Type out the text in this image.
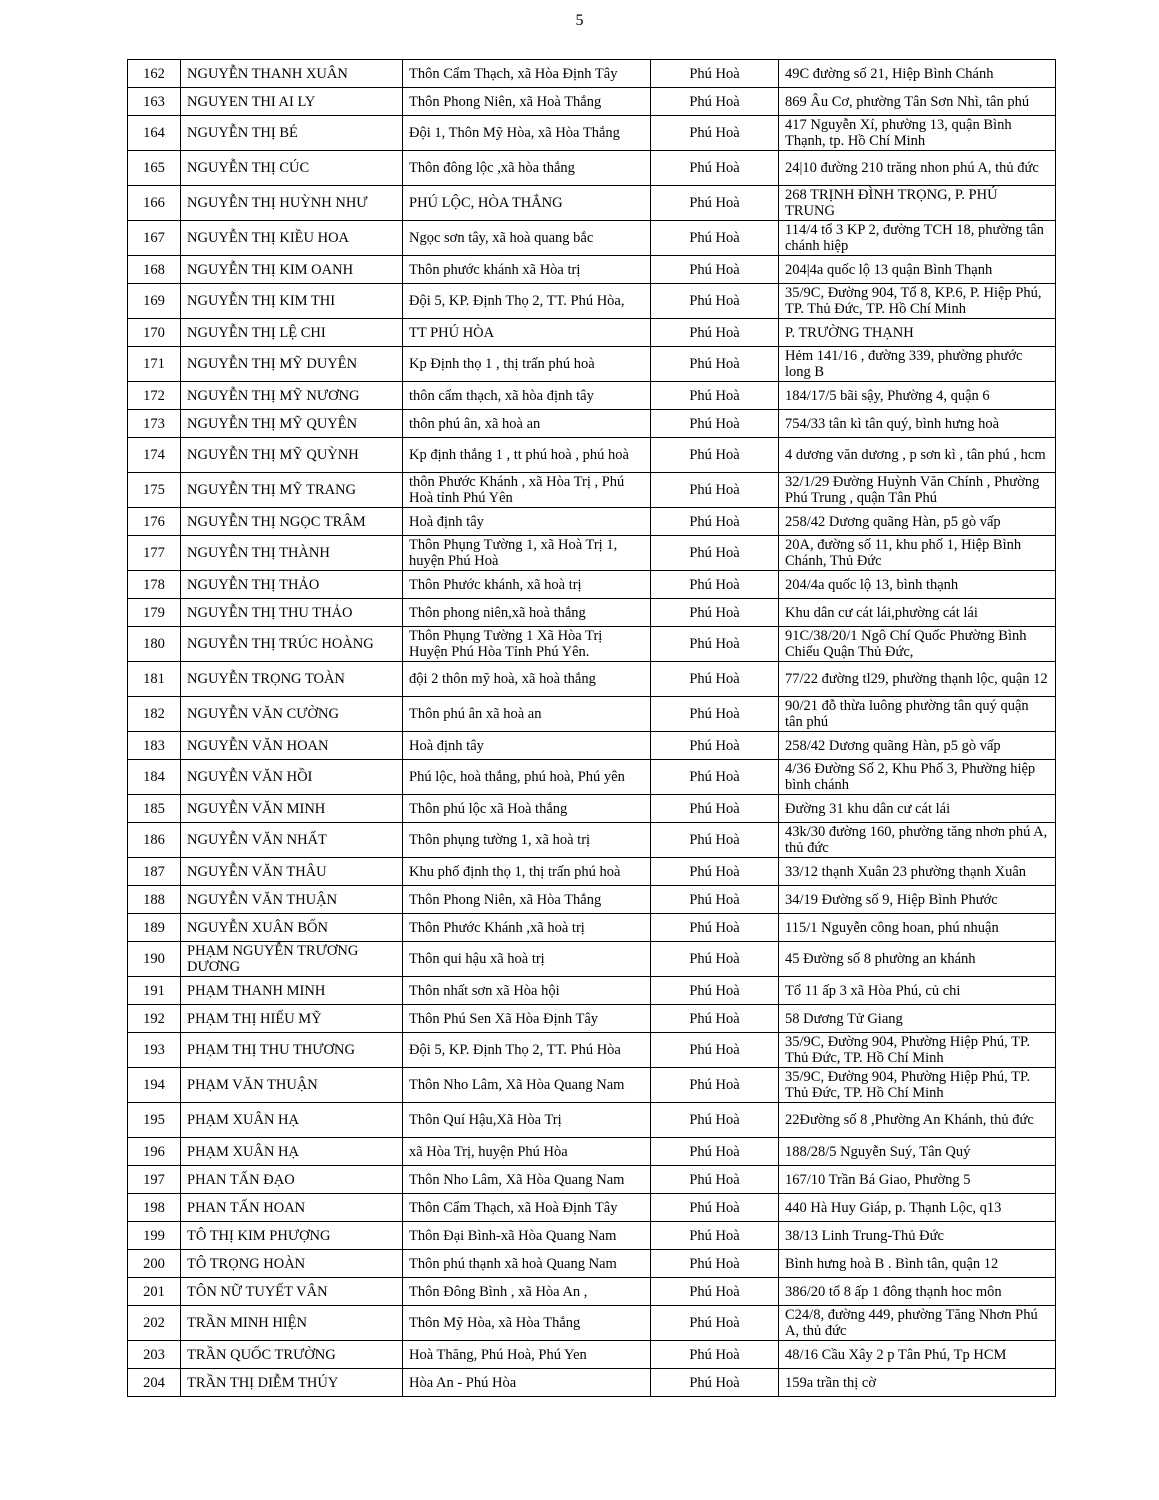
5
162	NGUYỄN THANH XUÂN	Thôn Cẩm Thạch, xã Hòa Định Tây	Phú Hoà	49C đường số 21, Hiệp Bình Chánh
163	NGUYEN THI AI LY	Thôn Phong Niên, xã Hoà Thắng	Phú Hoà	869 Âu Cơ, phường Tân Sơn Nhì, tân phú
164	NGUYỄN THỊ BÉ	Đội 1, Thôn Mỹ Hòa, xã Hòa Thắng	Phú Hoà	417 Nguyễn Xí, phường 13, quận Bình Thạnh, tp. Hồ Chí Minh
165	NGUYỄN THỊ CÚC	Thôn đông lộc ,xã hòa thắng	Phú Hoà	24|10 đường 210 trăng nhon phú A, thủ đức
166	NGUYỄN THỊ HUỲNH NHƯ	PHÚ LỘC, HÒA THẮNG	Phú Hoà	268 TRỊNH ĐÌNH TRỌNG, P. PHÚ TRUNG
167	NGUYỄN THỊ KIỀU HOA	Ngọc sơn tây, xã hoà quang bắc	Phú Hoà	114/4 tổ 3 KP 2, đường TCH 18, phường tân chánh hiệp
168	NGUYỄN THỊ KIM OANH	Thôn phước khánh xã Hòa trị	Phú Hoà	204|4a quốc lộ 13 quận Bình Thạnh
169	NGUYỄN THỊ KIM THI	Đội 5, KP. Định Thọ 2, TT. Phú Hòa,	Phú Hoà	35/9C, Đường 904, Tổ 8, KP.6, P. Hiệp Phú, TP. Thủ Đức, TP. Hồ Chí Minh
170	NGUYỄN THỊ LỆ CHI	TT PHÚ HÒA	Phú Hoà	P. TRƯỜNG THẠNH
171	NGUYỄN THỊ MỸ DUYÊN	Kp Định thọ 1 , thị trấn phú hoà	Phú Hoà	Hẻm 141/16 , đường 339, phường phước long B
172	NGUYỄN THỊ MỸ NƯƠNG	thôn cẩm thạch, xã hòa định tây	Phú Hoà	184/17/5 bãi sậy, Phường 4, quận 6
173	NGUYỄN THỊ MỸ QUYÊN	thôn phú ân, xã hoà an	Phú Hoà	754/33 tân kì tân quý, bình hưng hoà
174	NGUYỄN THỊ MỸ QUỲNH	Kp định thắng 1 , tt phú hoà , phú hoà	Phú Hoà	4 dương văn dương , p sơn kì , tân phú , hcm
175	NGUYỄN THỊ MỸ TRANG	thôn Phước Khánh , xã Hòa Trị , Phú Hoà tỉnh Phú Yên	Phú Hoà	32/1/29 Đường Huỳnh Văn Chính , Phường Phú Trung , quận Tân Phú
176	NGUYỄN THỊ NGỌC TRÂM	Hoà định tây	Phú Hoà	258/42 Dương quãng Hàn, p5 gò vấp
177	NGUYỄN THỊ THÀNH	Thôn Phụng Tường 1, xã Hoà Trị 1, huyện Phú Hoà	Phú Hoà	20A, đường số 11, khu phố 1, Hiệp Bình Chánh, Thủ Đức
178	NGUYỄN THỊ THẢO	Thôn Phước khánh, xã hoà trị	Phú Hoà	204/4a quốc lộ 13, bình thạnh
179	NGUYỄN THỊ THU THẢO	Thôn phong niên,xã hoà thắng	Phú Hoà	Khu dân cư cát lái,phường cát lái
180	NGUYỄN THỊ TRÚC HOÀNG	Thôn Phụng Tường 1 Xã Hòa Trị Huyện Phú Hòa Tỉnh Phú Yên.	Phú Hoà	91C/38/20/1 Ngô Chí Quốc Phường Bình Chiểu Quận Thủ Đức,
181	NGUYỄN TRỌNG TOÀN	đội 2 thôn mỹ hoà, xã hoà thắng	Phú Hoà	77/22 đường tl29, phường thạnh lộc, quận 12
182	NGUYỄN VĂN CƯỜNG	Thôn phú ân xã hoà an	Phú Hoà	90/21 đỗ thừa luông phường tân quý quận tân phú
183	NGUYỄN VĂN HOAN	Hoà định tây	Phú Hoà	258/42 Dương quãng Hàn, p5 gò vấp
184	NGUYỄN VĂN HỒI	Phú lộc, hoà thắng, phú hoà, Phú yên	Phú Hoà	4/36 Đường Số 2, Khu Phố 3, Phường hiệp bình chánh
185	NGUYỄN VĂN MINH	Thôn phú lộc xã Hoà thắng	Phú Hoà	Đường 31 khu dân cư cát lái
186	NGUYỄN VĂN NHẤT	Thôn phụng tường 1, xã hoà trị	Phú Hoà	43k/30 đường 160, phường tăng nhơn phú A, thủ đức
187	NGUYỄN VĂN THÂU	Khu phố định thọ 1, thị trấn phú hoà	Phú Hoà	33/12 thạnh Xuân 23 phường thạnh Xuân
188	NGUYỄN VĂN THUẬN	Thôn Phong Niên, xã Hòa Thắng	Phú Hoà	34/19 Đường số 9, Hiệp Bình Phước
189	NGUYỄN XUÂN BỐN	Thôn Phước Khánh ,xã hoà trị	Phú Hoà	115/1 Nguyễn công hoan, phú nhuận
190	PHẠM NGUYỄN TRƯƠNG DƯƠNG	Thôn qui hậu xã hoà trị	Phú Hoà	45 Đường số 8 phường an khánh
191	PHẠM THANH MINH	Thôn nhất sơn xã Hòa hội	Phú Hoà	Tổ 11 ấp 3 xã Hòa Phú, củ chi
192	PHẠM THỊ HIẾU MỸ	Thôn Phú Sen Xã Hòa Định Tây	Phú Hoà	58 Dương Tử Giang
193	PHẠM THỊ THU THƯƠNG	Đội 5, KP. Định Thọ 2, TT. Phú Hòa	Phú Hoà	35/9C, Đường 904, Phường Hiệp Phú, TP. Thủ Đức, TP. Hồ Chí Minh
194	PHẠM VĂN THUẬN	Thôn Nho Lâm, Xã Hòa Quang Nam	Phú Hoà	35/9C, Đường 904, Phường Hiệp Phú, TP. Thủ Đức, TP. Hồ Chí Minh
195	PHẠM XUÂN HẠ	Thôn Quí Hậu,Xã Hòa Trị	Phú Hoà	22Đường số 8 ,Phường An Khánh, thủ đức
196	PHẠM XUÂN HẠ	xã Hòa Trị, huyện Phú Hòa	Phú Hoà	188/28/5 Nguyễn Suý, Tân Quý
197	PHAN TẤN ĐẠO	Thôn Nho Lâm, Xã Hòa Quang Nam	Phú Hoà	167/10 Trần Bá Giao, Phường 5
198	PHAN TẤN HOAN	Thôn Cẩm Thạch, xã Hoà Định Tây	Phú Hoà	440 Hà Huy Giáp, p. Thạnh Lộc, q13
199	TÔ THỊ KIM PHƯỢNG	Thôn Đại Bình-xã Hòa Quang Nam	Phú Hoà	38/13 Linh Trung-Thủ Đức
200	TÔ TRỌNG HOÀN	Thôn phú thạnh xã hoà Quang Nam	Phú Hoà	Bình hưng hoà B . Bình tân, quận 12
201	TÔN NỮ TUYẾT VÂN	Thôn Đông Bình , xã Hòa An ,	Phú Hoà	386/20 tổ 8 ấp 1 đông thạnh hoc môn
202	TRẦN MINH HIỆN	Thôn Mỹ Hòa, xã Hòa Thắng	Phú Hoà	C24/8, đường 449, phường Tăng Nhơn Phú A, thủ đức
203	TRẦN QUỐC TRƯỜNG	Hoà Thăng, Phú Hoà, Phú Yen	Phú Hoà	48/16 Cầu Xây 2 p Tân Phú, Tp HCM
204	TRẦN THỊ DIỄM THÚY	Hòa An - Phú Hòa	Phú Hoà	159a trần thị cờ
